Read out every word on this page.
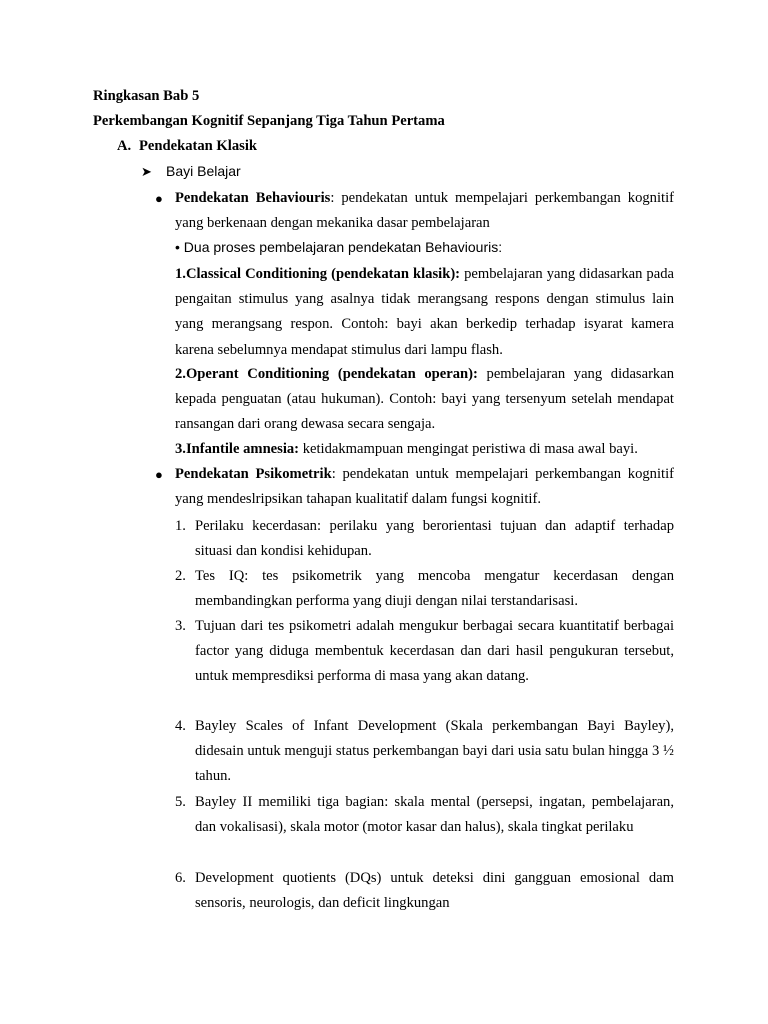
Ringkasan Bab 5
Perkembangan Kognitif Sepanjang Tiga Tahun Pertama
A. Pendekatan Klasik
➤ Bayi Belajar
● Pendekatan Behaviouris: pendekatan untuk mempelajari perkembangan kognitif yang berkenaan dengan mekanika dasar pembelajaran
• Dua proses pembelajaran pendekatan Behaviouris:
1.Classical Conditioning (pendekatan klasik): pembelajaran yang didasarkan pada pengaitan stimulus yang asalnya tidak merangsang respons dengan stimulus lain yang merangsang respon. Contoh: bayi akan berkedip terhadap isyarat kamera karena sebelumnya mendapat stimulus dari lampu flash.
2.Operant Conditioning (pendekatan operan): pembelajaran yang didasarkan kepada penguatan (atau hukuman). Contoh: bayi yang tersenyum setelah mendapat ransangan dari orang dewasa secara sengaja.
3.Infantile amnesia: ketidakmampuan mengingat peristiwa di masa awal bayi.
● Pendekatan Psikometrik: pendekatan untuk mempelajari perkembangan kognitif yang mendeslripsikan tahapan kualitatif dalam fungsi kognitif.
1. Perilaku kecerdasan: perilaku yang berorientasi tujuan dan adaptif terhadap situasi dan kondisi kehidupan.
2. Tes IQ: tes psikometrik yang mencoba mengatur kecerdasan dengan membandingkan performa yang diuji dengan nilai terstandarisasi.
3. Tujuan dari tes psikometri adalah mengukur berbagai secara kuantitatif berbagai factor yang diduga membentuk kecerdasan dan dari hasil pengukuran tersebut, untuk mempresdiksi performa di masa yang akan datang.
4. Bayley Scales of Infant Development (Skala perkembangan Bayi Bayley), didesain untuk menguji status perkembangan bayi dari usia satu bulan hingga 3 ½ tahun.
5. Bayley II memiliki tiga bagian: skala mental (persepsi, ingatan, pembelajaran, dan vokalisasi), skala motor (motor kasar dan halus), skala tingkat perilaku
6. Development quotients (DQs) untuk deteksi dini gangguan emosional dam sensoris, neurologis, dan deficit lingkungan
